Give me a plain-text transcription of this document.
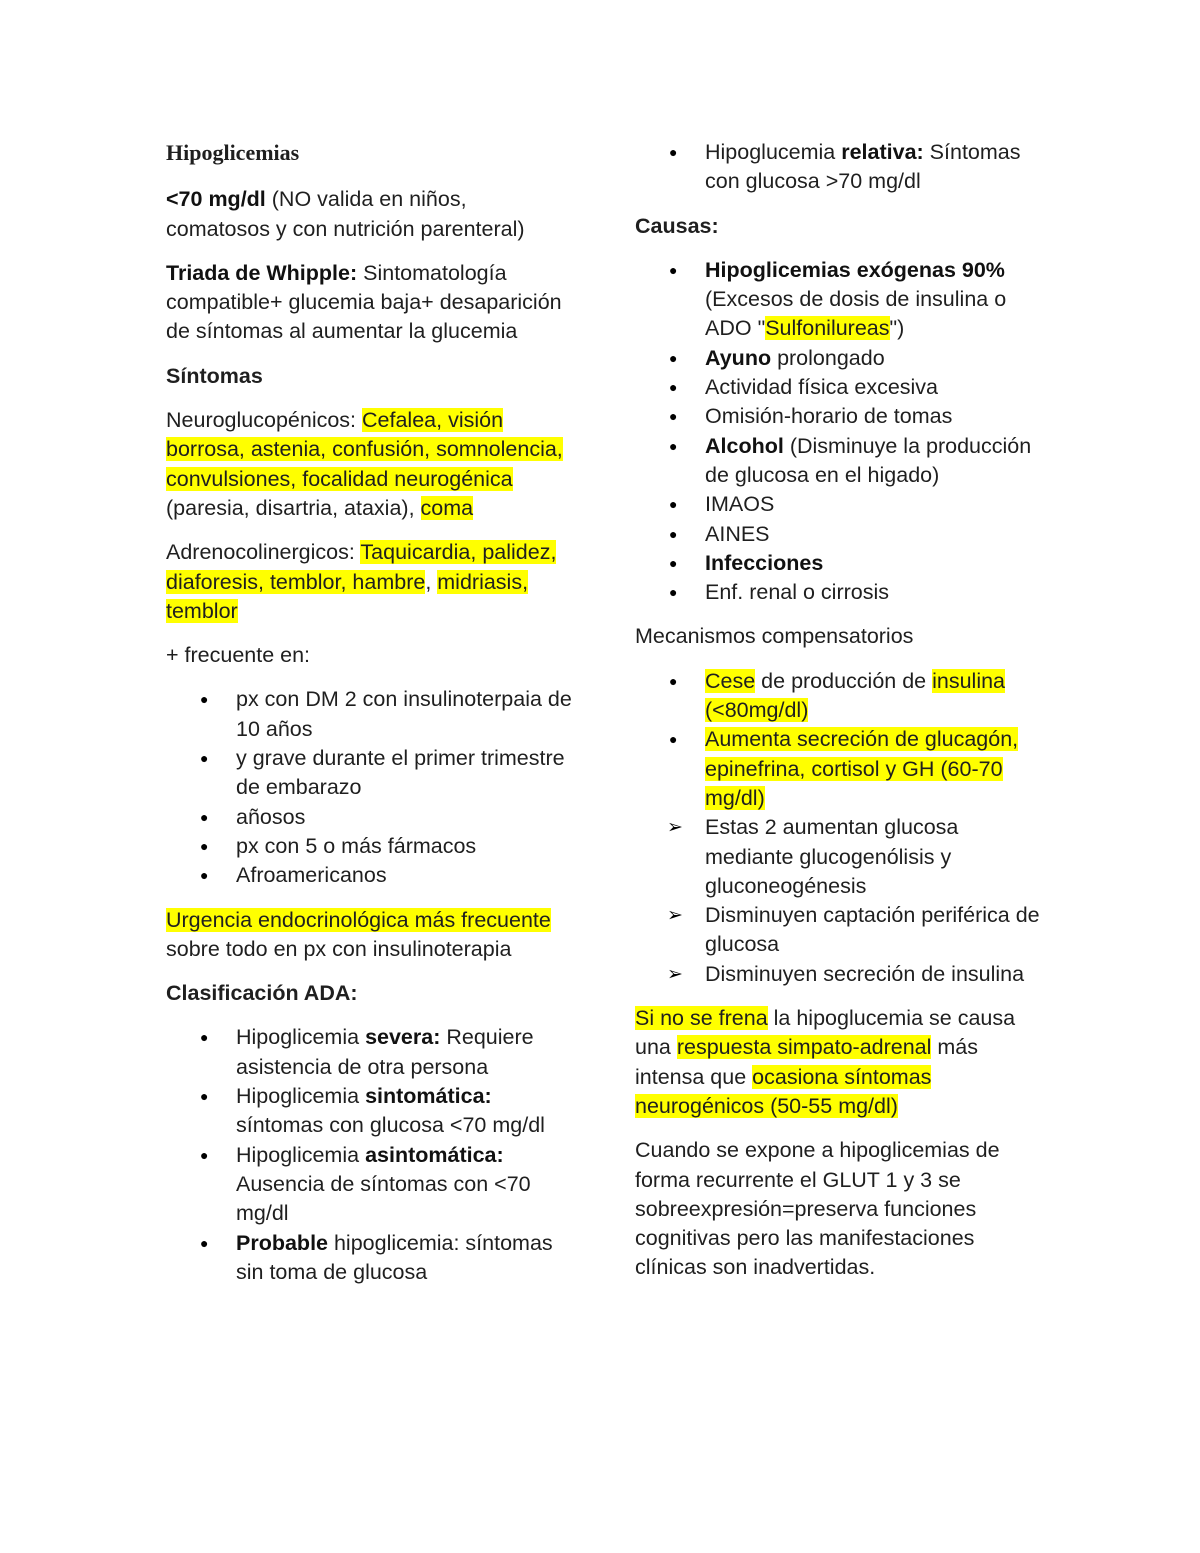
Hipoglicemias

<70 mg/dl (NO valida en niños, comatosos y con nutrición parenteral)

Triada de Whipple: Sintomatología compatible+ glucemia baja+ desaparición de síntomas al aumentar la glucemia

Síntomas

Neuroglucopénicos: Cefalea, visión borrosa, astenia, confusión, somnolencia, convulsiones, focalidad neurogénica (paresia, disartria, ataxia), coma

Adrenocolinergicos: Taquicardia, palidez, diaforesis, temblor, hambre, midriasis, temblor

+ frecuente en:

● px con DM 2 con insulinoterpaia de 10 años
● y grave durante el primer trimestre de embarazo
● añosos
● px con 5 o más fármacos
● Afroamericanos

Urgencia endocrinológica más frecuente sobre todo en px con insulinoterapia

Clasificación ADA:

● Hipoglicemia severa: Requiere asistencia de otra persona
● Hipoglicemia sintomática: síntomas con glucosa <70 mg/dl
● Hipoglicemia asintomática: Ausencia de síntomas con <70 mg/dl
● Probable hipoglicemia: síntomas sin toma de glucosa
● Hipoglucemia relativa: Síntomas con glucosa >70 mg/dl

Causas:

● Hipoglicemias exógenas 90% (Excesos de dosis de insulina o ADO "Sulfonilureas")
● Ayuno prolongado
● Actividad física excesiva
● Omisión-horario de tomas
● Alcohol (Disminuye la producción de glucosa en el higado)
● IMAOS
● AINES
● Infecciones
● Enf. renal o cirrosis

Mecanismos compensatorios

● Cese de producción de insulina (<80mg/dl)
● Aumenta secreción de glucagón, epinefrina, cortisol y GH (60-70 mg/dl)
➢ Estas 2 aumentan glucosa mediante glucogenólisis y gluconeogénesis
➢ Disminuyen captación periférica de glucosa
➢ Disminuyen secreción de insulina

Si no se frena la hipoglucemia se causa una respuesta simpato-adrenal más intensa que ocasiona síntomas neurogénicos (50-55 mg/dl)

Cuando se expone a hipoglicemias de forma recurrente el GLUT 1 y 3 se sobreexpresión=preserva funciones cognitivas pero las manifestaciones clínicas son inadvertidas.
